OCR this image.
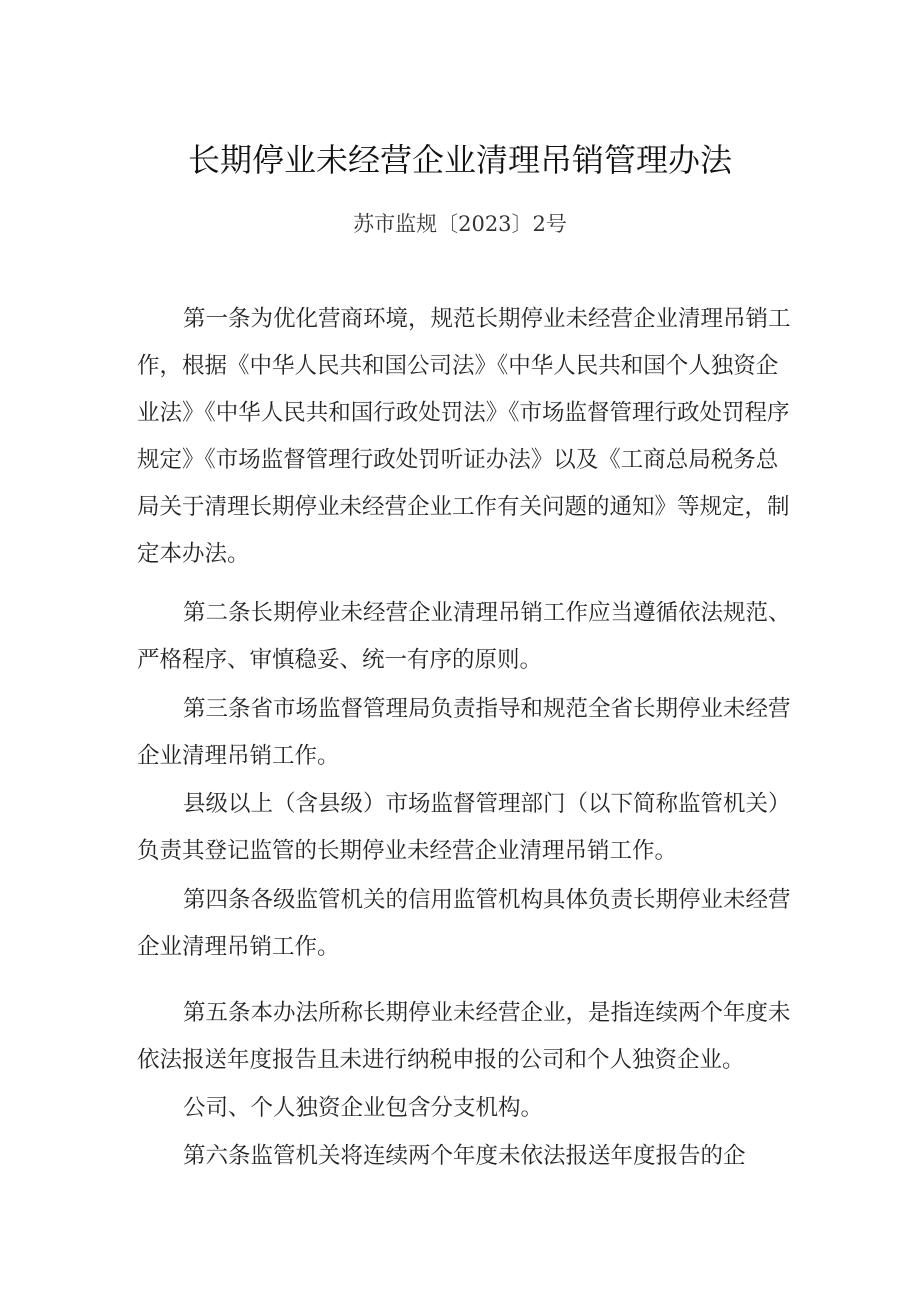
长期停业未经营企业清理吊销管理办法
苏市监规〔2023〕2号

第一条为优化营商环境，规范长期停业未经营企业清理吊销工作，根据《中华人民共和国公司法》《中华人民共和国个人独资企业法》《中华人民共和国行政处罚法》《市场监督管理行政处罚程序规定》《市场监督管理行政处罚听证办法》以及《工商总局税务总局关于清理长期停业未经营企业工作有关问题的通知》等规定，制定本办法。

第二条长期停业未经营企业清理吊销工作应当遵循依法规范、严格程序、审慎稳妥、统一有序的原则。

第三条省市场监督管理局负责指导和规范全省长期停业未经营企业清理吊销工作。

县级以上（含县级）市场监督管理部门（以下简称监管机关）负责其登记监管的长期停业未经营企业清理吊销工作。

第四条各级监管机关的信用监管机构具体负责长期停业未经营企业清理吊销工作。

第五条本办法所称长期停业未经营企业，是指连续两个年度未依法报送年度报告且未进行纳税申报的公司和个人独资企业。

公司、个人独资企业包含分支机构。

第六条监管机关将连续两个年度未依法报送年度报告的企
